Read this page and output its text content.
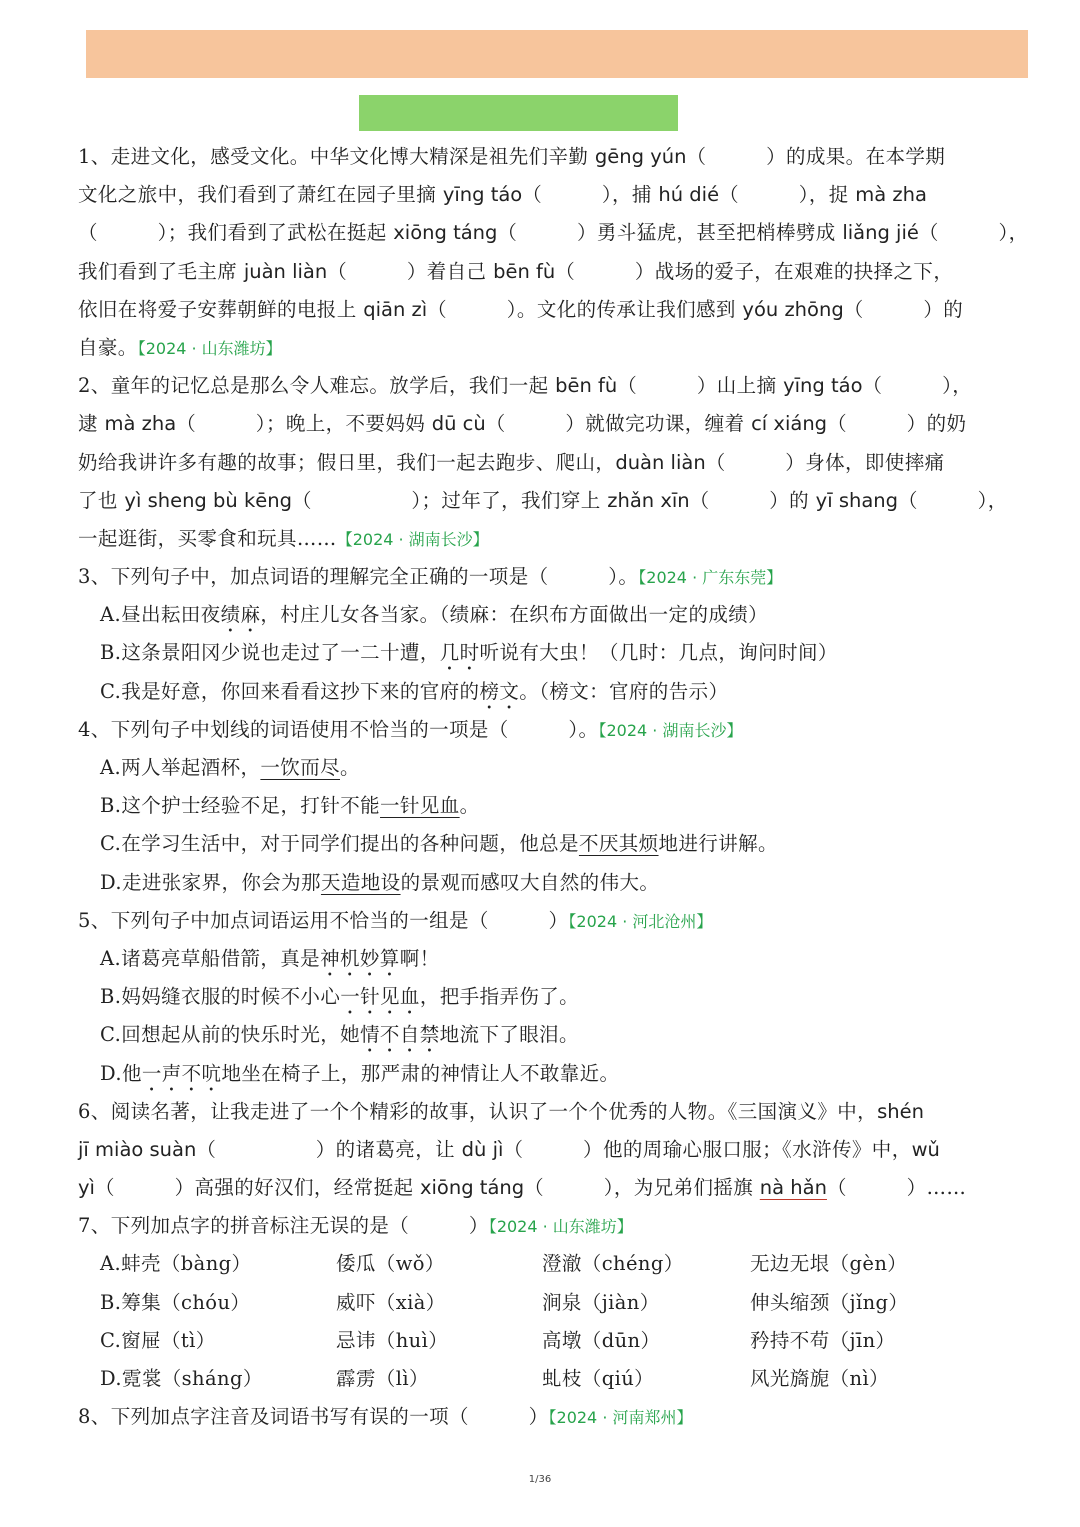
1、走进文化，感受文化。中华文化博大精深是祖先们辛勤 gēng yún（　　　）的成果。在本学期
文化之旅中，我们看到了萧红在园子里摘 yīng táo（　　　），捕 hú dié（　　　），捉 mà zha
（　　　）；我们看到了武松在挺起 xiōng táng（　　　）勇斗猛虎，甚至把梢棒劈成 liǎng jié（　　　），
我们看到了毛主席 juàn liàn（　　　）着自己 bēn fù（　　　）战场的爱子，在艰难的抉择之下，
依旧在将爱子安葬朝鲜的电报上 qiān zì（　　　）。文化的传承让我们感到 yóu zhōng（　　　）的
自豪。【2024 · 山东潍坊】
2、童年的记忆总是那么令人难忘。放学后，我们一起 bēn fù（　　　）山上摘 yīng táo（　　　），
逮 mà zha（　　　）；晚上，不要妈妈 dū cù（　　　）就做完功课，缠着 cí xiáng（　　　）的奶
奶给我讲许多有趣的故事；假日里，我们一起去跑步、爬山，duàn liàn（　　　）身体，即使摔痛
了也 yì sheng bù kēng（　　　　　）；过年了，我们穿上 zhǎn xīn（　　　）的 yī shang（　　　），
一起逛街，买零食和玩具……【2024 · 湖南长沙】
3、下列句子中，加点词语的理解完全正确的一项是（　　　）。【2024 · 广东东莞】
A.昼出耘田夜绩麻，村庄儿女各当家。（绩麻：在织布方面做出一定的成绩）
B.这条景阳冈少说也走过了一二十遭，几时听说有大虫！（几时：几点，询问时间）
C.我是好意，你回来看看这抄下来的官府的榜文。（榜文：官府的告示）
4、下列句子中划线的词语使用不恰当的一项是（　　　）。【2024 · 湖南长沙】
A.两人举起酒杯，一饮而尽。
B.这个护士经验不足，打针不能一针见血。
C.在学习生活中，对于同学们提出的各种问题，他总是不厌其烦地进行讲解。
D.走进张家界，你会为那天造地设的景观而感叹大自然的伟大。
5、下列句子中加点词语运用不恰当的一组是（　　　）【2024 · 河北沧州】
A.诸葛亮草船借箭，真是神机妙算啊！
B.妈妈缝衣服的时候不小心一针见血，把手指弄伤了。
C.回想起从前的快乐时光，她情不自禁地流下了眼泪。
D.他一声不吭地坐在椅子上，那严肃的神情让人不敢靠近。
6、阅读名著，让我走进了一个个精彩的故事，认识了一个个优秀的人物。《三国演义》中，shén
jī miào suàn（　　　　　）的诸葛亮，让 dù jì（　　　）他的周瑜心服口服；《水浒传》中，wǔ
yì（　　　）高强的好汉们，经常挺起 xiōng táng（　　　），为兄弟们摇旗 nà hǎn（　　　）……
7、下列加点字的拼音标注无误的是（　　　）【2024 · 山东潍坊】
A.蚌壳（bàng）	倭瓜（wǒ）	澄澈（chéng）	无边无垠（gèn）
B.筹集（chóu）	威吓（xià）	涧泉（jiàn）	伸头缩颈（jǐng）
C.窗屉（tì）	忌讳（huì）	高墩（dūn）	矜持不苟（jīn）
D.霓裳（sháng）	霹雳（lì）	虬枝（qiú）	风光旖旎（nì）
8、下列加点字注音及词语书写有误的一项（　　　）【2024 · 河南郑州】
1/36
